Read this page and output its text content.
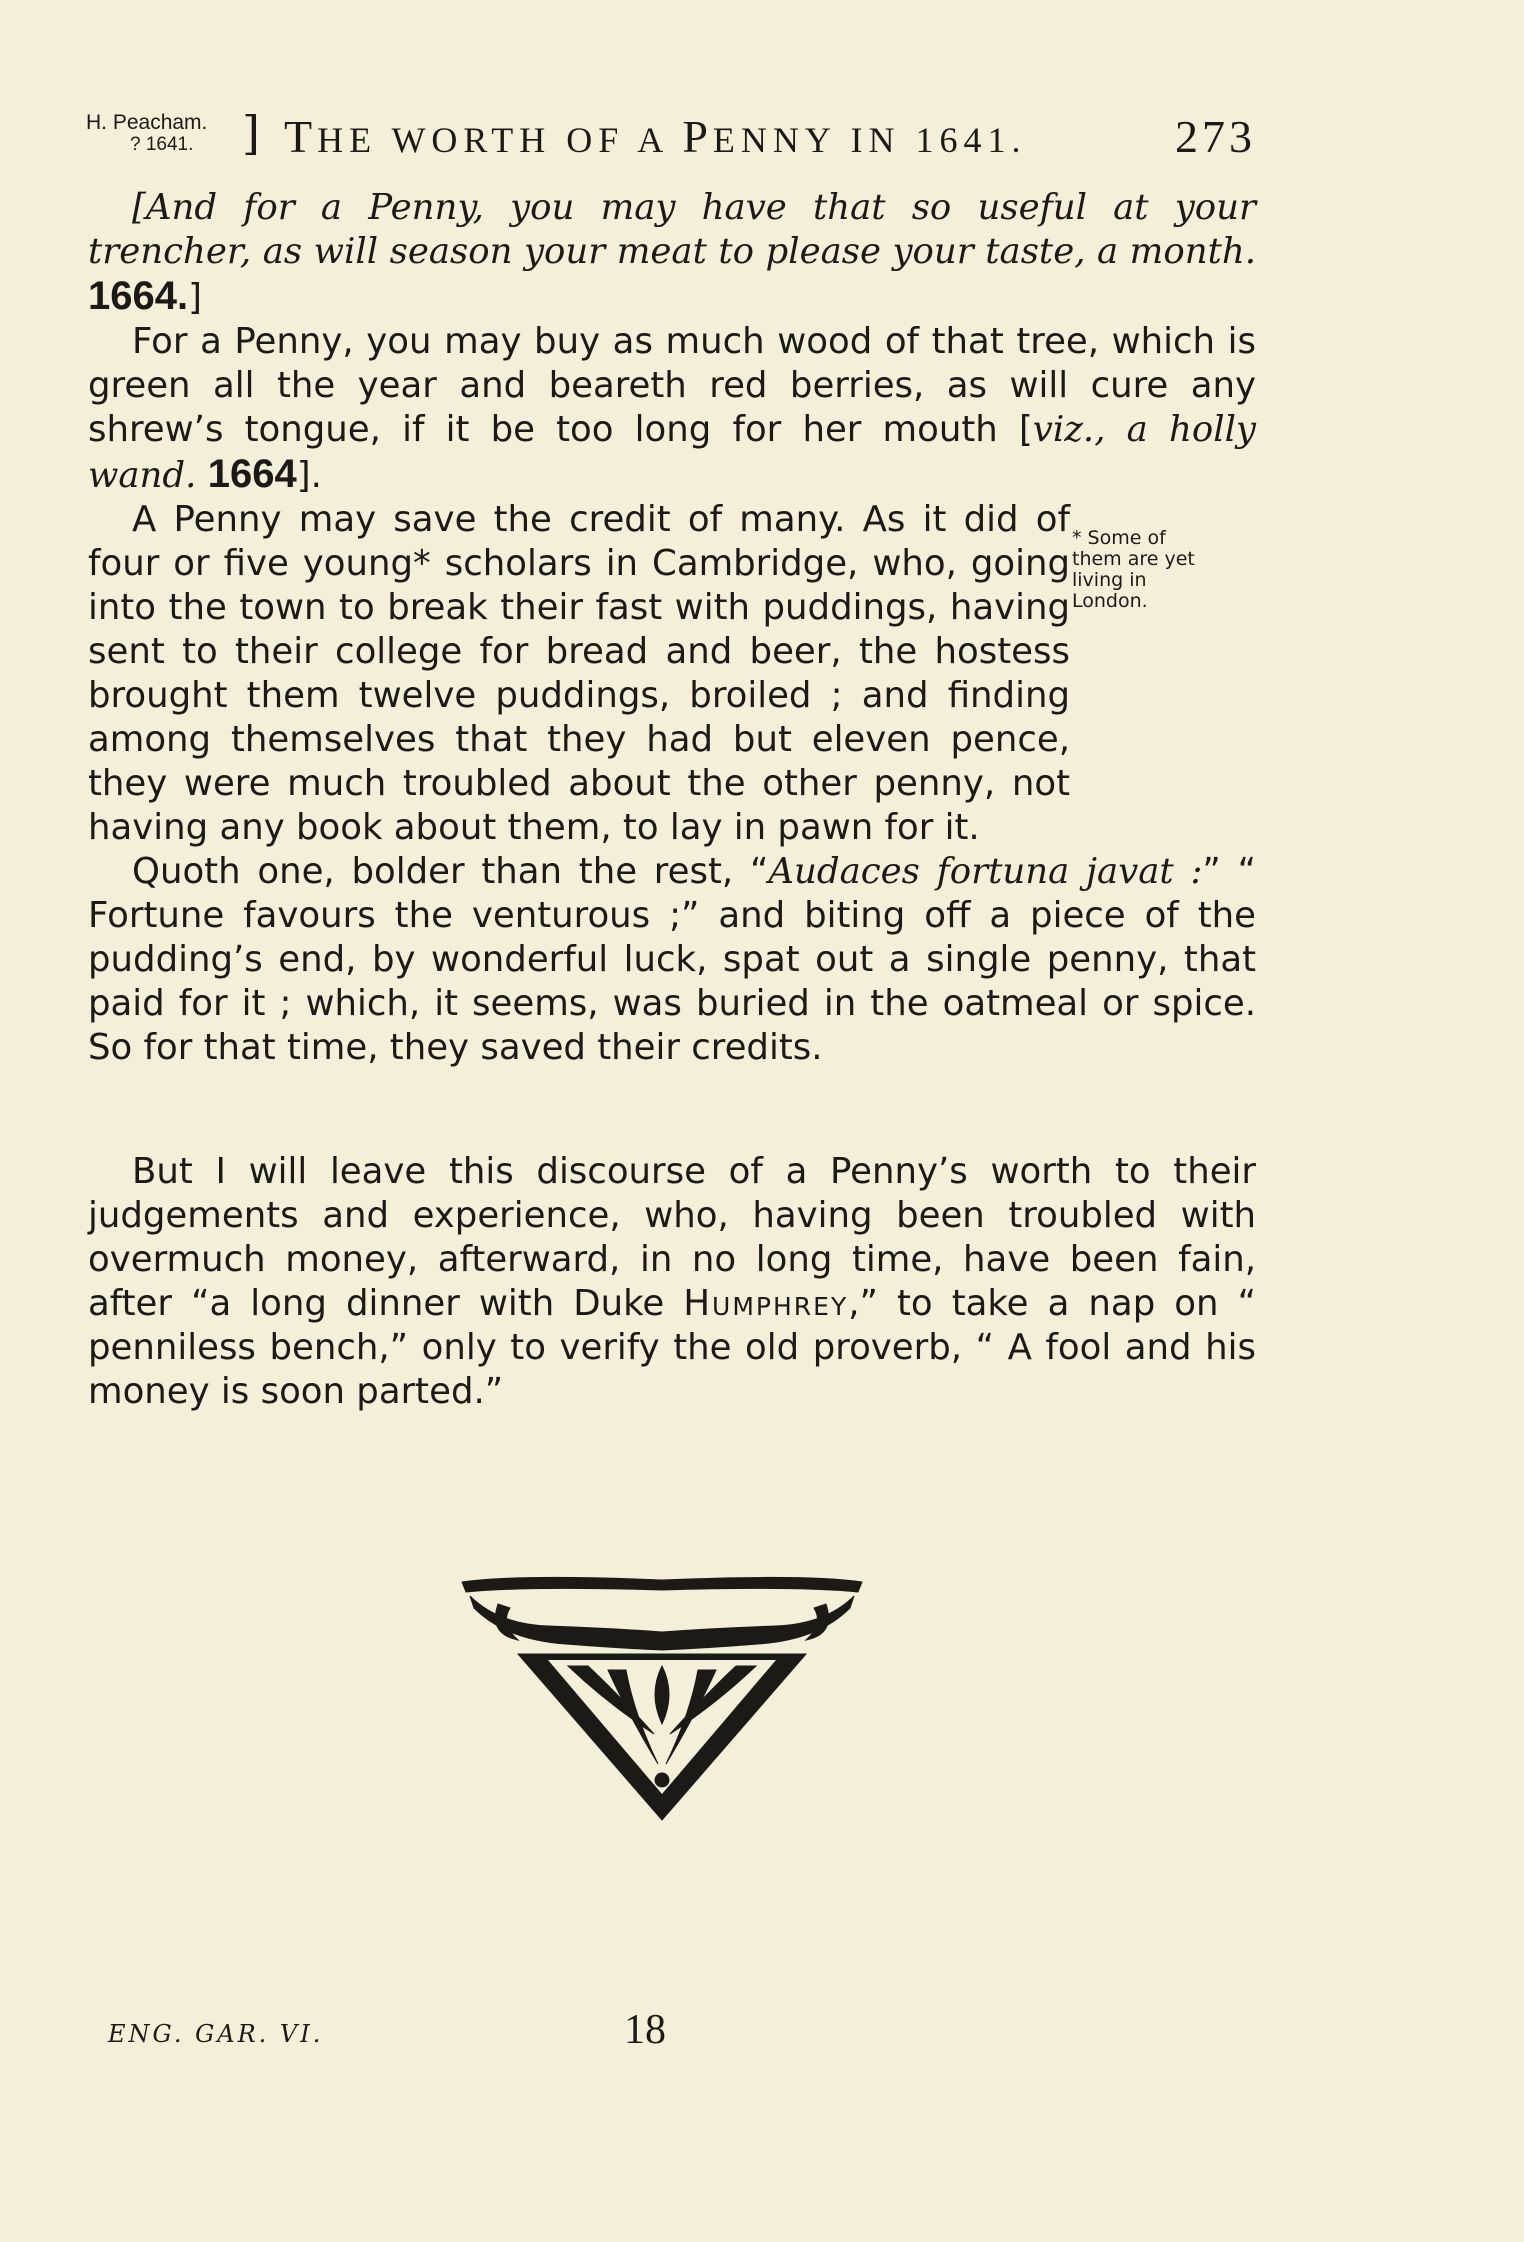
H. Peacham.
? 1641.	] THE WORTH OF A PENNY IN 1641.	273

[And for a Penny, you may have that so useful at your trencher, as will season your meat to please your taste, a month. 1664.]

For a Penny, you may buy as much wood of that tree, which is green all the year and beareth red berries, as will cure any shrew’s tongue, if it be too long for her mouth [viz., a holly wand. 1664].

A Penny may save the credit of many. As it did of four or five young* scholars in Cambridge, who, going into the town to break their fast with puddings, having sent to their college for bread and beer, the hostess brought them twelve puddings, broiled ; and finding among themselves that they had but eleven pence, they were much troubled about the other penny, not having any book about them, to lay in pawn for it.

Quoth one, bolder than the rest, “Audaces fortuna javat :” “ Fortune favours the venturous ;” and biting off a piece of the pudding’s end, by wonderful luck, spat out a single penny, that paid for it ; which, it seems, was buried in the oatmeal or spice. So for that time, they saved their credits.

But I will leave this discourse of a Penny’s worth to their judgements and experience, who, having been troubled with overmuch money, afterward, in no long time, have been fain, after “a long dinner with Duke Humphrey,” to take a nap on “ penniless bench,” only to verify the old proverb, “ A fool and his money is soon parted.”

* Some of
them are yet
living in
London.
ENG. GAR. VI.	18
